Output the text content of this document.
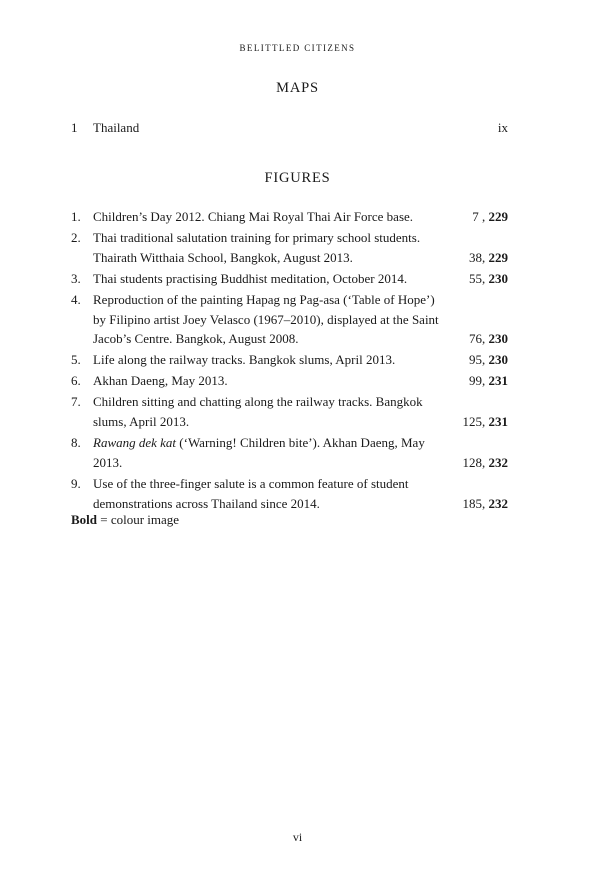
BELITTLED CITIZENS
MAPS
1 Thailand	ix
FIGURES
1. Children’s Day 2012. Chiang Mai Royal Thai Air Force base.	7 , 229
2. Thai traditional salutation training for primary school students. Thairath Witthaia School, Bangkok, August 2013.	38, 229
3. Thai students practising Buddhist meditation, October 2014.	55, 230
4. Reproduction of the painting Hapag ng Pag-asa (‘Table of Hope’) by Filipino artist Joey Velasco (1967–2010), displayed at the Saint Jacob’s Centre. Bangkok, August 2008.	76, 230
5. Life along the railway tracks. Bangkok slums, April 2013.	95, 230
6. Akhan Daeng, May 2013.	99, 231
7. Children sitting and chatting along the railway tracks. Bangkok slums, April 2013.	125, 231
8. Rawang dek kat (‘Warning! Children bite’). Akhan Daeng, May 2013.	128, 232
9. Use of the three-finger salute is a common feature of student demonstrations across Thailand since 2014.	185, 232
Bold = colour image
vi
